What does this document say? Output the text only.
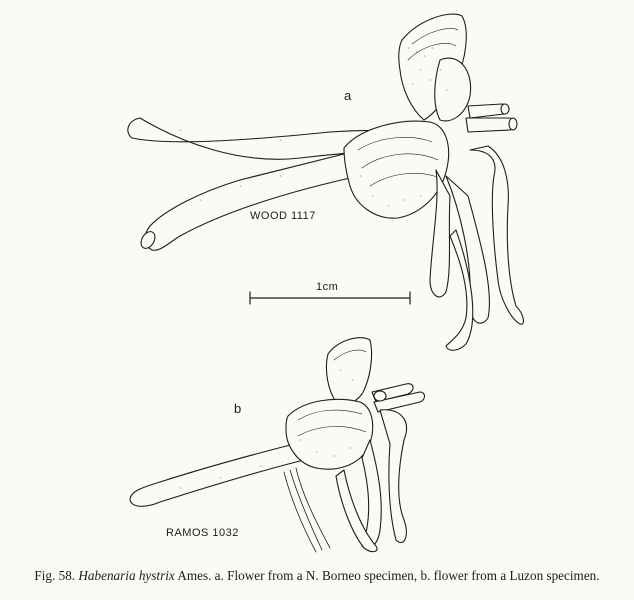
a
WOOD 1117
1cm
b
RAMOS 1032
Fig. 58. Habenaria hystrix Ames. a. Flower from a N. Borneo specimen, b. flower from a Luzon specimen.
